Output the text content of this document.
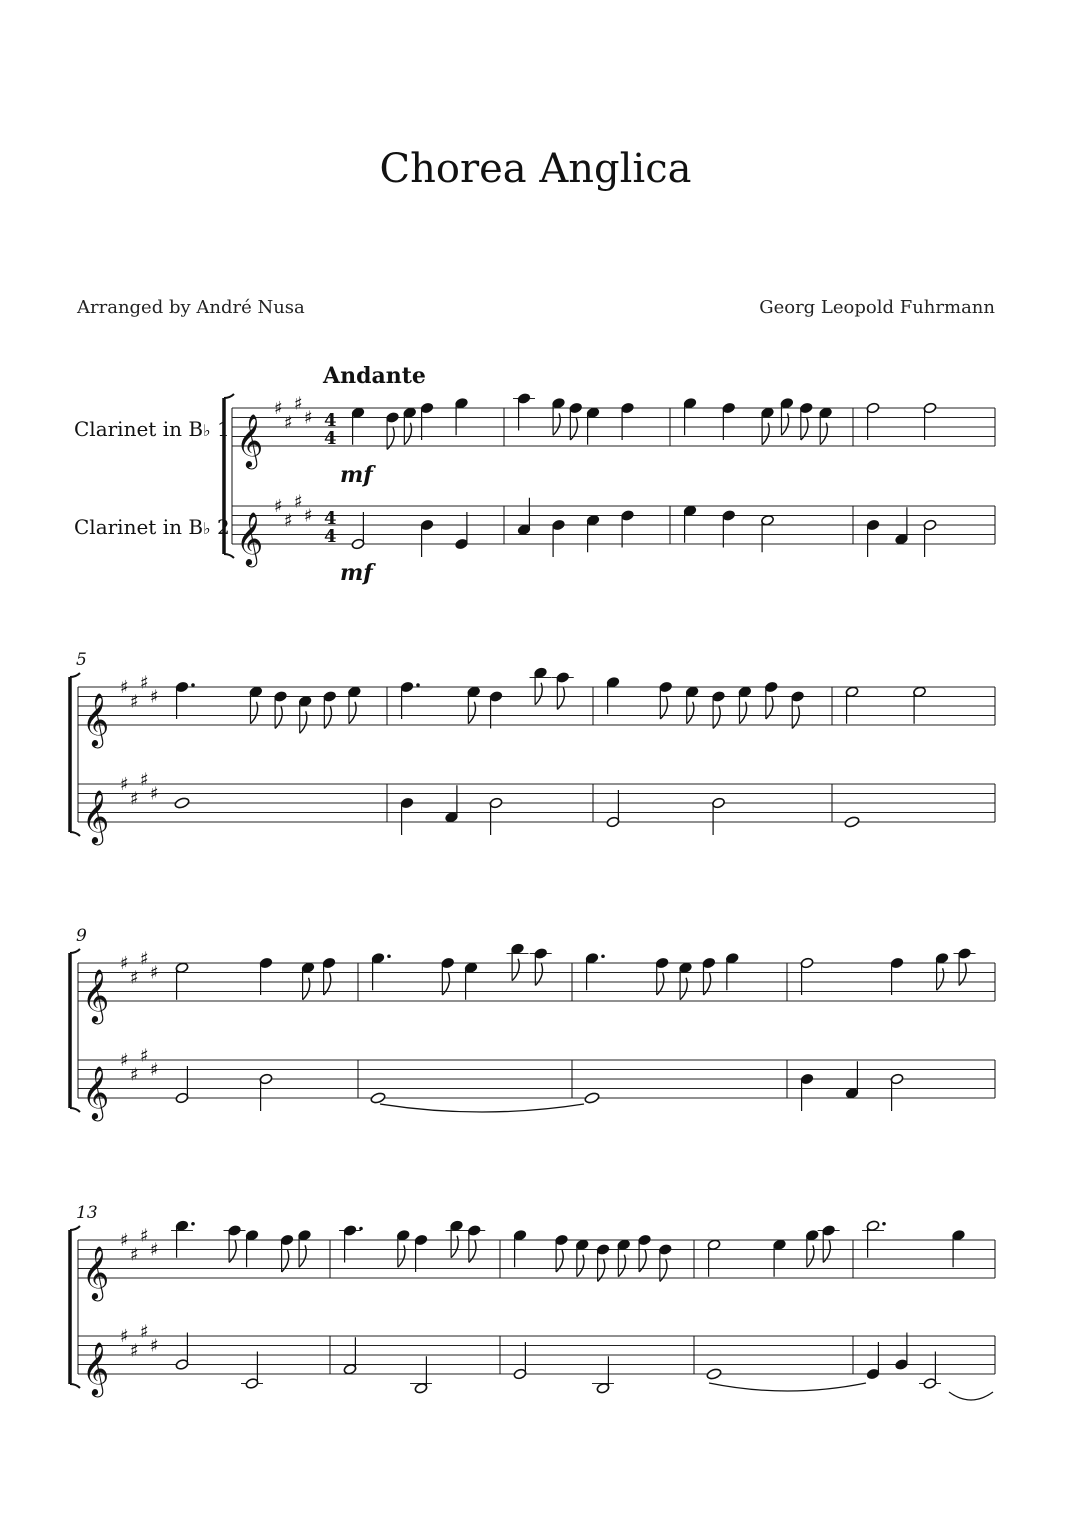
Chorea Anglica
Arranged by André Nusa	Georg Leopold Fuhrmann
Clarinet in B♭ 1
Clarinet in B♭ 2
𝄞
♯
♯
♯
♯
𝄞
♯
♯
♯
♯
4
4
4
4
Andante
mf
mf
𝄞
♯
♯
♯
♯
𝄞
♯
♯
♯
♯
5
𝄞
♯
♯
♯
♯
𝄞
♯
♯
♯
♯
9
𝄞
♯
♯
♯
♯
𝄞
♯
♯
♯
♯
13
